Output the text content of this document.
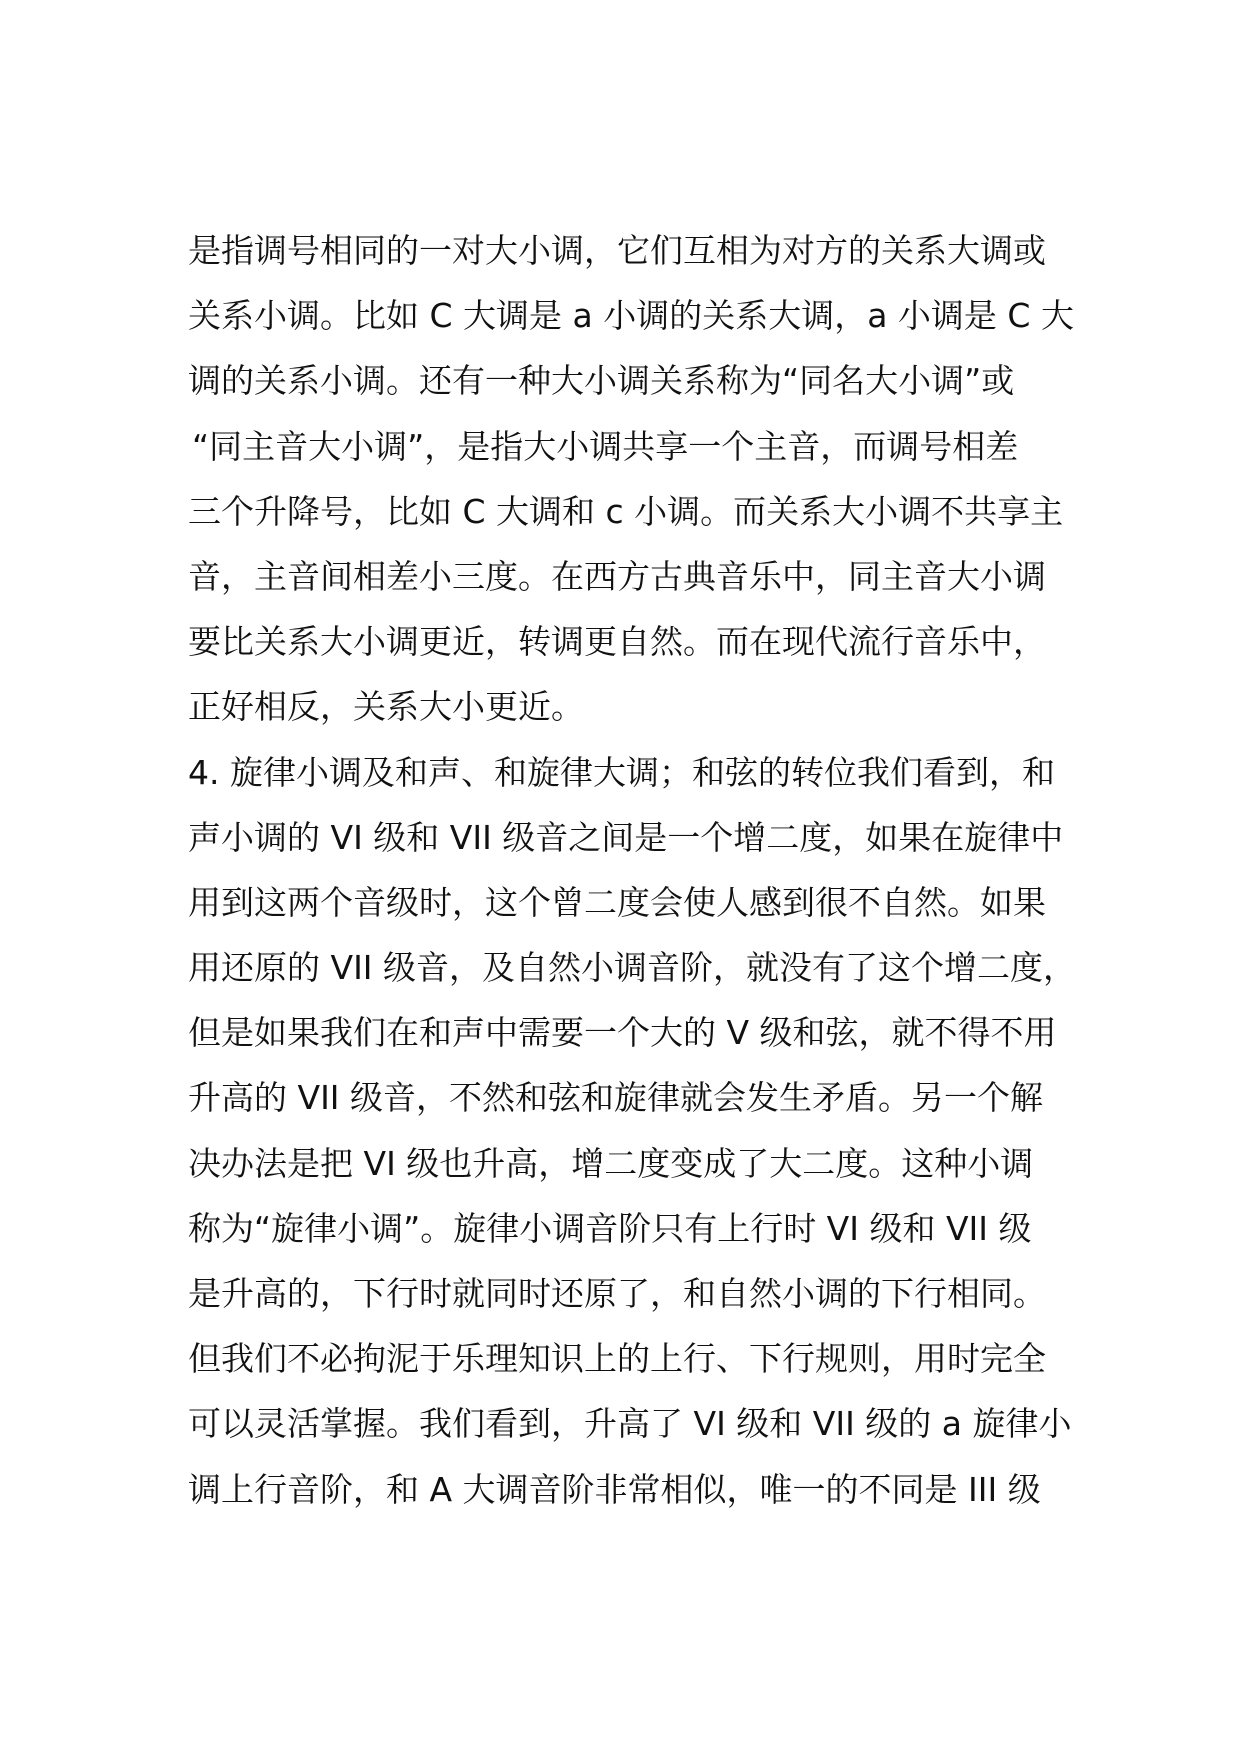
是指调号相同的一对大小调，它们互相为对方的关系大调或
关系小调。比如 C 大调是 a 小调的关系大调，a 小调是 C 大
调的关系小调。还有一种大小调关系称为“同名大小调”或
“同主音大小调”，是指大小调共享一个主音，而调号相差
三个升降号，比如 C 大调和 c 小调。而关系大小调不共享主
音，主音间相差小三度。在西方古典音乐中，同主音大小调
要比关系大小调更近，转调更自然。而在现代流行音乐中，
正好相反，关系大小更近。
4. 旋律小调及和声、和旋律大调；和弦的转位我们看到，和
声小调的 VI 级和 VII 级音之间是一个增二度，如果在旋律中
用到这两个音级时，这个曾二度会使人感到很不自然。如果
用还原的 VII 级音，及自然小调音阶，就没有了这个增二度，
但是如果我们在和声中需要一个大的 V 级和弦，就不得不用
升高的 VII 级音，不然和弦和旋律就会发生矛盾。另一个解
决办法是把 VI 级也升高，增二度变成了大二度。这种小调
称为“旋律小调”。旋律小调音阶只有上行时 VI 级和 VII 级
是升高的，下行时就同时还原了，和自然小调的下行相同。
但我们不必拘泥于乐理知识上的上行、下行规则，用时完全
可以灵活掌握。我们看到，升高了 VI 级和 VII 级的 a 旋律小
调上行音阶，和 A 大调音阶非常相似，唯一的不同是 III 级
